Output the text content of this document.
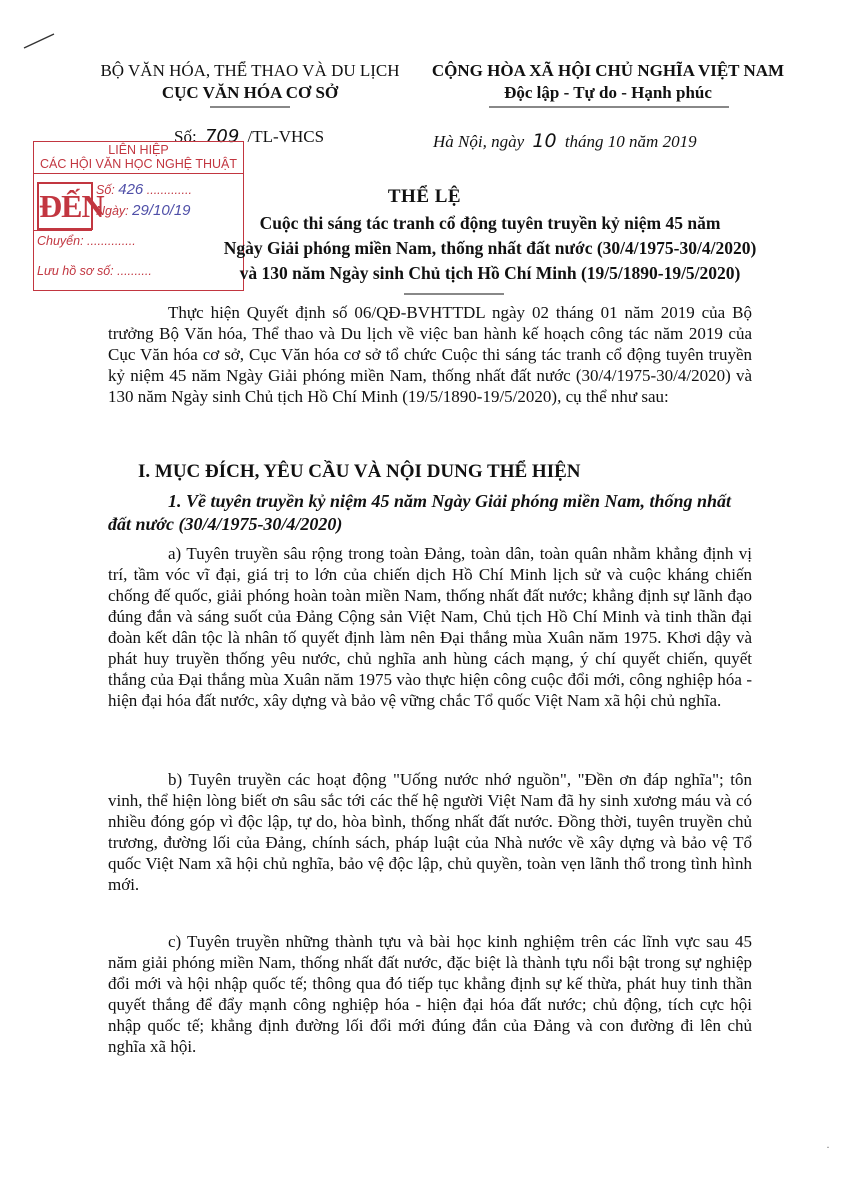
BỘ VĂN HÓA, THỂ THAO VÀ DU LỊCH
CỤC VĂN HÓA CƠ SỞ
CỘNG HÒA XÃ HỘI CHỦ NGHĨA VIỆT NAM
Độc lập - Tự do - Hạnh phúc
Số: 709 /TL-VHCS	Hà Nội, ngày 10 tháng 10 năm 2019
LIÊN HIỆP
CÁC HỘI VĂN HỌC NGHỆ THUẬT
ĐẾN
Số: 426 .............
Ngày: 29/10/19
Chuyển: ..............
Lưu hồ sơ số: ..........
THỂ LỆ
Cuộc thi sáng tác tranh cổ động tuyên truyền kỷ niệm 45 năm
Ngày Giải phóng miền Nam, thống nhất đất nước (30/4/1975-30/4/2020)
và 130 năm Ngày sinh Chủ tịch Hồ Chí Minh (19/5/1890-19/5/2020)

Thực hiện Quyết định số 06/QĐ-BVHTTDL ngày 02 tháng 01 năm 2019 của Bộ trưởng Bộ Văn hóa, Thể thao và Du lịch về việc ban hành kế hoạch công tác năm 2019 của Cục Văn hóa cơ sở, Cục Văn hóa cơ sở tổ chức Cuộc thi sáng tác tranh cổ động tuyên truyền kỷ niệm 45 năm Ngày Giải phóng miền Nam, thống nhất đất nước (30/4/1975-30/4/2020) và 130 năm Ngày sinh Chủ tịch Hồ Chí Minh (19/5/1890-19/5/2020), cụ thể như sau:

I. MỤC ĐÍCH, YÊU CẦU VÀ NỘI DUNG THỂ HIỆN
1. Về tuyên truyền kỷ niệm 45 năm Ngày Giải phóng miền Nam, thống nhất đất nước (30/4/1975-30/4/2020)

a) Tuyên truyền sâu rộng trong toàn Đảng, toàn dân, toàn quân nhằm khẳng định vị trí, tầm vóc vĩ đại, giá trị to lớn của chiến dịch Hồ Chí Minh lịch sử và cuộc kháng chiến chống đế quốc, giải phóng hoàn toàn miền Nam, thống nhất đất nước; khẳng định sự lãnh đạo đúng đắn và sáng suốt của Đảng Cộng sản Việt Nam, Chủ tịch Hồ Chí Minh và tinh thần đại đoàn kết dân tộc là nhân tố quyết định làm nên Đại thắng mùa Xuân năm 1975. Khơi dậy và phát huy truyền thống yêu nước, chủ nghĩa anh hùng cách mạng, ý chí quyết chiến, quyết thắng của Đại thắng mùa Xuân năm 1975 vào thực hiện công cuộc đổi mới, công nghiệp hóa - hiện đại hóa đất nước, xây dựng và bảo vệ vững chắc Tổ quốc Việt Nam xã hội chủ nghĩa.

b) Tuyên truyền các hoạt động "Uống nước nhớ nguồn", "Đền ơn đáp nghĩa"; tôn vinh, thể hiện lòng biết ơn sâu sắc tới các thế hệ người Việt Nam đã hy sinh xương máu và có nhiều đóng góp vì độc lập, tự do, hòa bình, thống nhất đất nước. Đồng thời, tuyên truyền chủ trương, đường lối của Đảng, chính sách, pháp luật của Nhà nước về xây dựng và bảo vệ Tổ quốc Việt Nam xã hội chủ nghĩa, bảo vệ độc lập, chủ quyền, toàn vẹn lãnh thổ trong tình hình mới.

c) Tuyên truyền những thành tựu và bài học kinh nghiệm trên các lĩnh vực sau 45 năm giải phóng miền Nam, thống nhất đất nước, đặc biệt là thành tựu nổi bật trong sự nghiệp đổi mới và hội nhập quốc tế; thông qua đó tiếp tục khẳng định sự kế thừa, phát huy tinh thần quyết thắng để đẩy mạnh công nghiệp hóa - hiện đại hóa đất nước; chủ động, tích cực hội nhập quốc tế; khẳng định đường lối đổi mới đúng đắn của Đảng và con đường đi lên chủ nghĩa xã hội.

·
